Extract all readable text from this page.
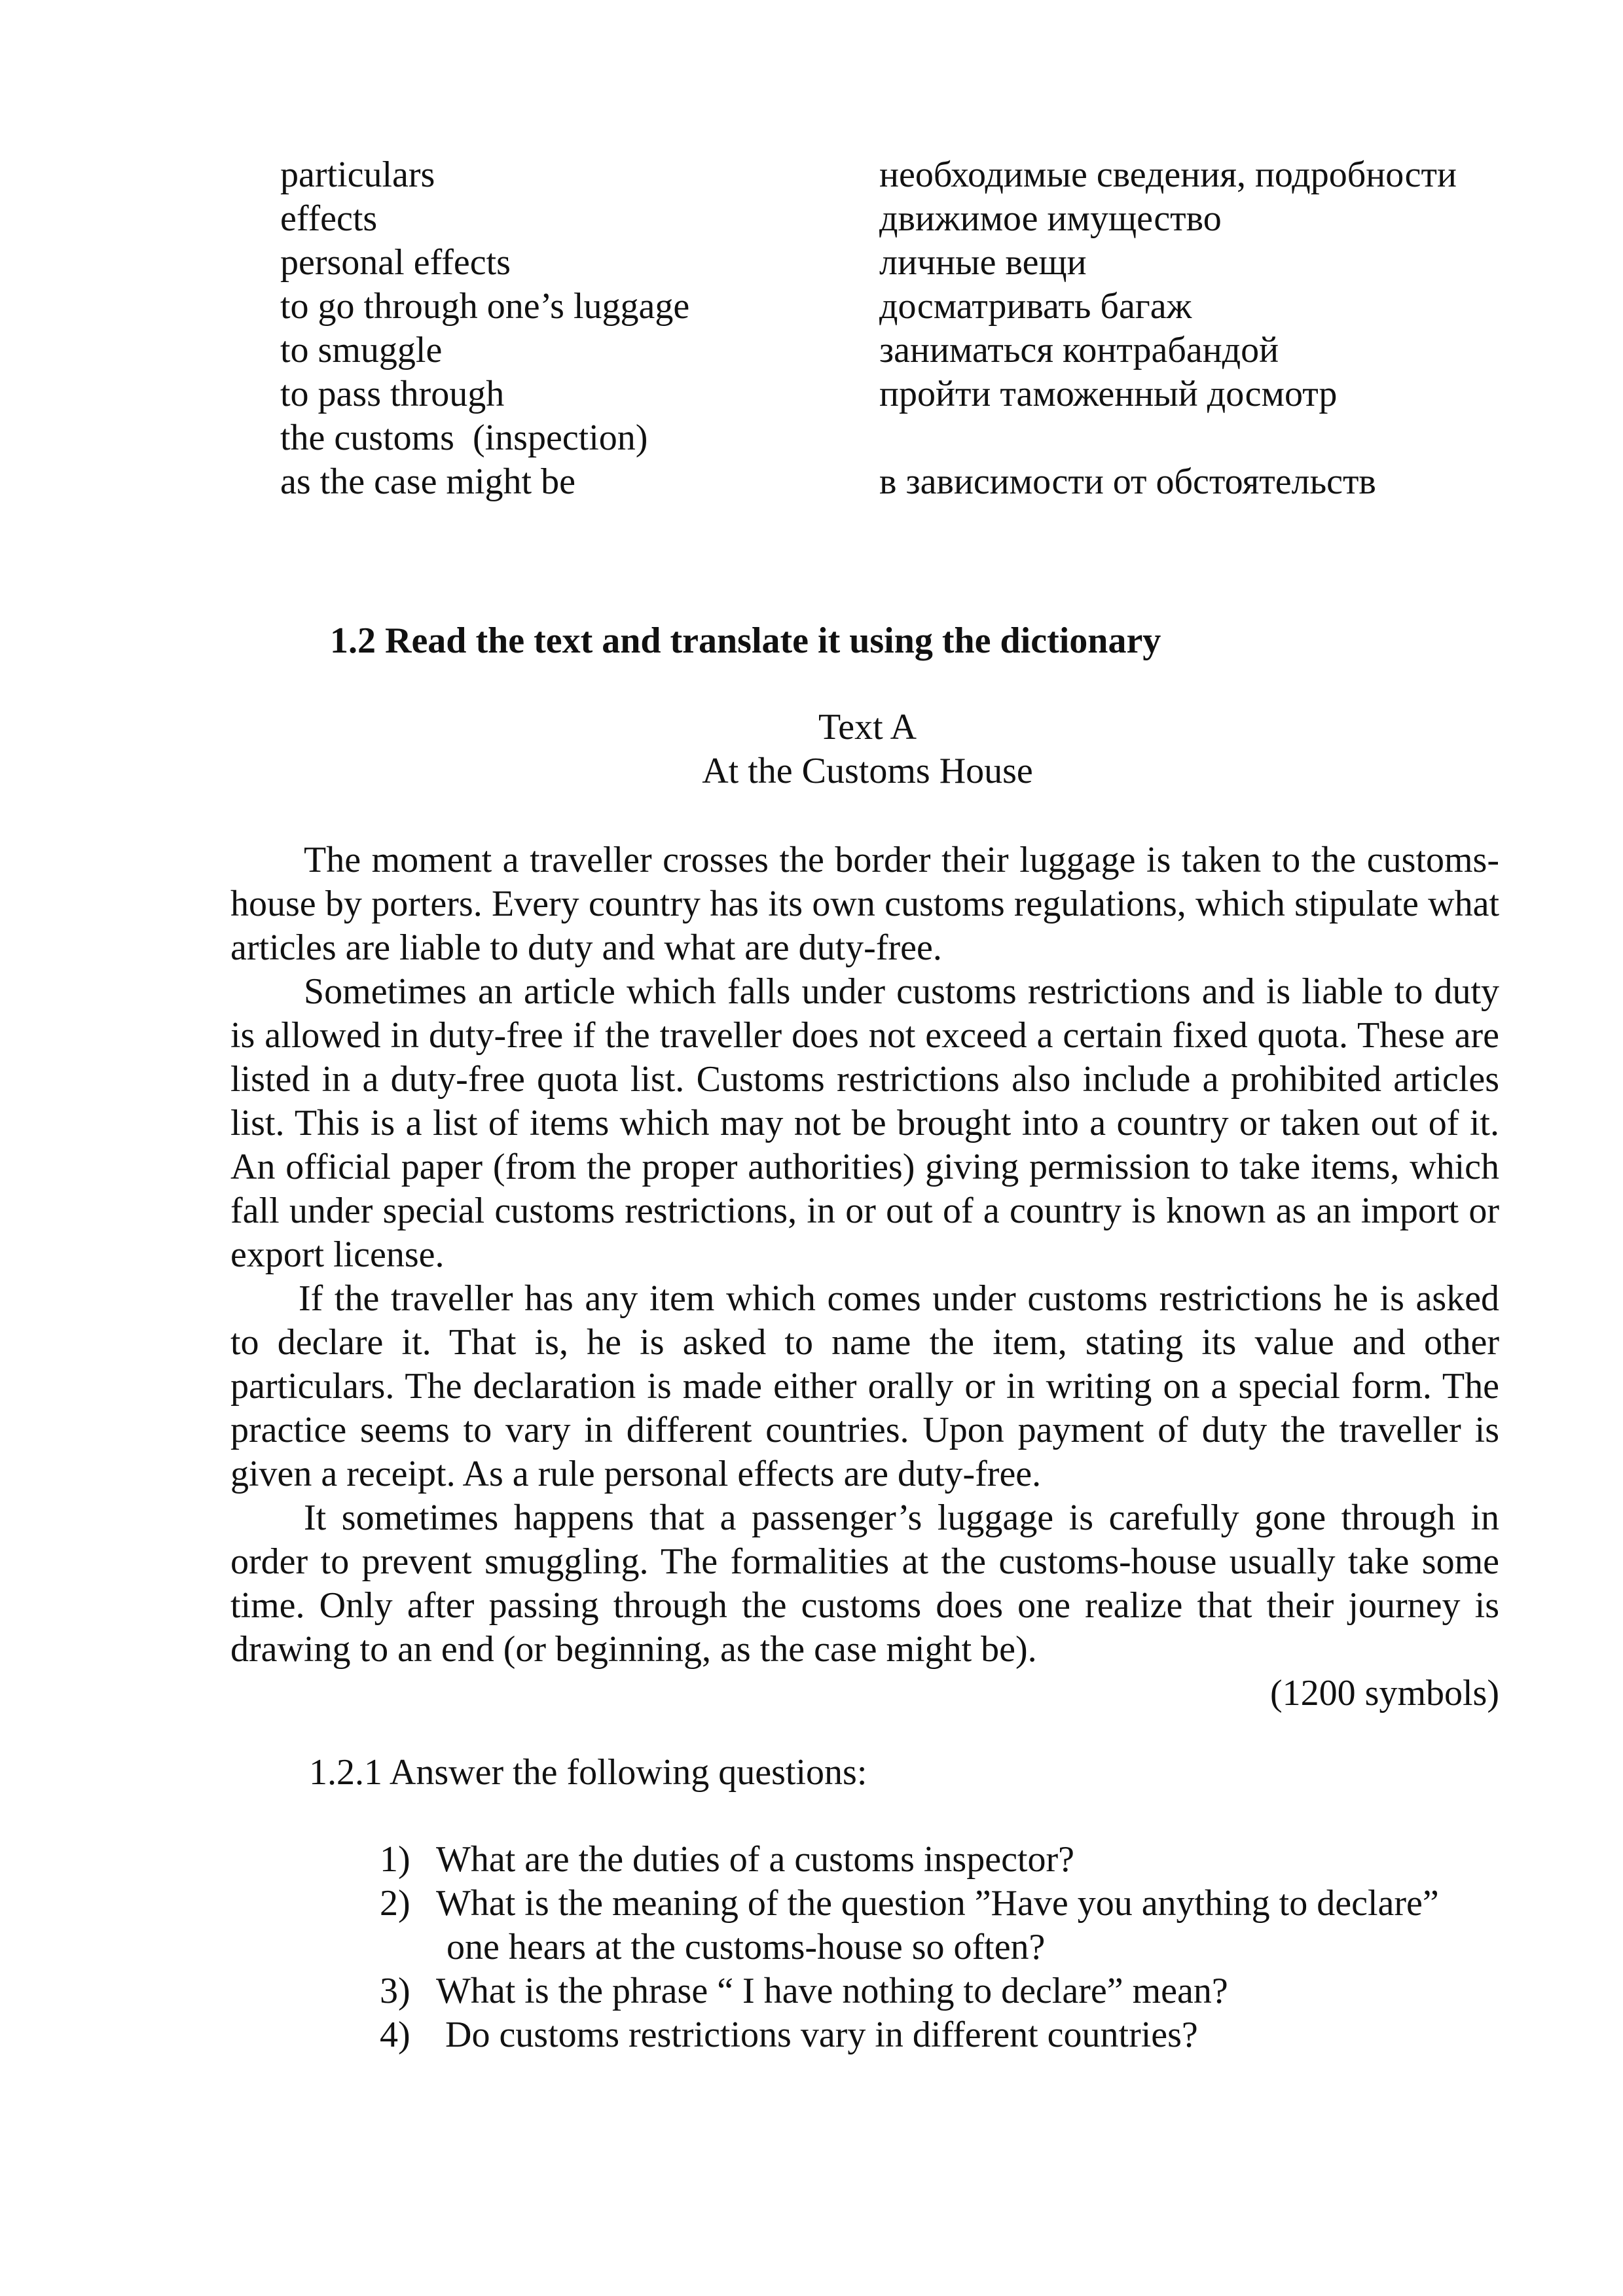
particulars	необходимые сведения, подробности
effects	движимое имущество
personal effects	личные вещи
to go through one’s luggage	досматривать багаж
to smuggle	заниматься контрабандой
to pass through	пройти таможенный досмотр
the customs  (inspection)
as the case might be	в зависимости от обстоятельств
1.2 Read the text and translate it using the dictionary
Text A
At the Customs House

The moment a traveller crosses the border their luggage is taken to the customs-house by porters. Every country has its own customs regulations, which stipulate what articles are liable to duty and what are duty-free.

Sometimes an article which falls under customs restrictions and is liable to duty is allowed in duty-free if the traveller does not exceed a certain fixed quota. These are listed in a duty-free quota list. Customs restrictions also include a prohibited articles list. This is a list of items which may not be brought into a country or taken out of it. An official paper (from the proper authorities) giving permission to take items, which fall under special customs restrictions, in or out of a country is known as an import or export license.

If the traveller has any item which comes under customs restrictions he is asked to declare it. That is, he is asked to name the item, stating its value and other particulars. The declaration is made either orally or in writing on a special form. The practice seems to vary in different countries. Upon payment of duty the traveller is given a receipt. As a rule personal effects are duty-free.

It sometimes happens that a passenger’s luggage is carefully gone through in order to prevent smuggling. The formalities at the customs-house usually take some time. Only after passing through the customs does one realize that their journey is drawing to an end (or beginning, as the case might be).

(1200 symbols)

1.2.1 Answer the following questions:
1) What are the duties of a customs inspector?
2) What is the meaning of the question ”Have you anything to declare”
one hears at the customs-house so often?
3) What is the phrase “ I have nothing to declare” mean?
4) Do customs restrictions vary in different countries?
